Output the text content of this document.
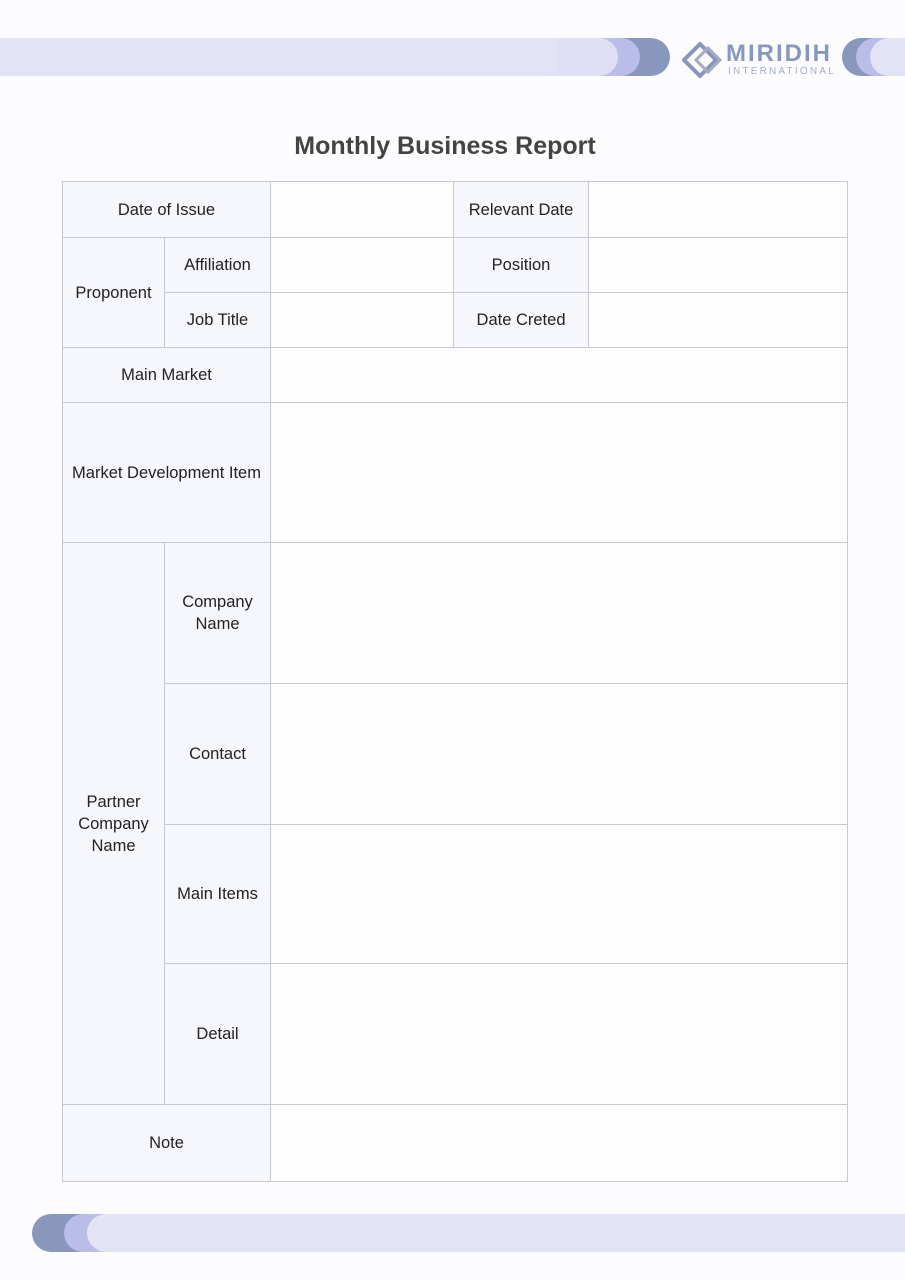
MIRIDIH
INTERNATIONAL
Monthly Business Report
Date of Issue			Relevant Date	
Proponent	Affiliation		Position	
	Job Title		Date Creted	
Main Market				
Market Development Item				
Partner Company Name	Company Name			
	Contact			
	Main Items			
	Detail			
Note				
